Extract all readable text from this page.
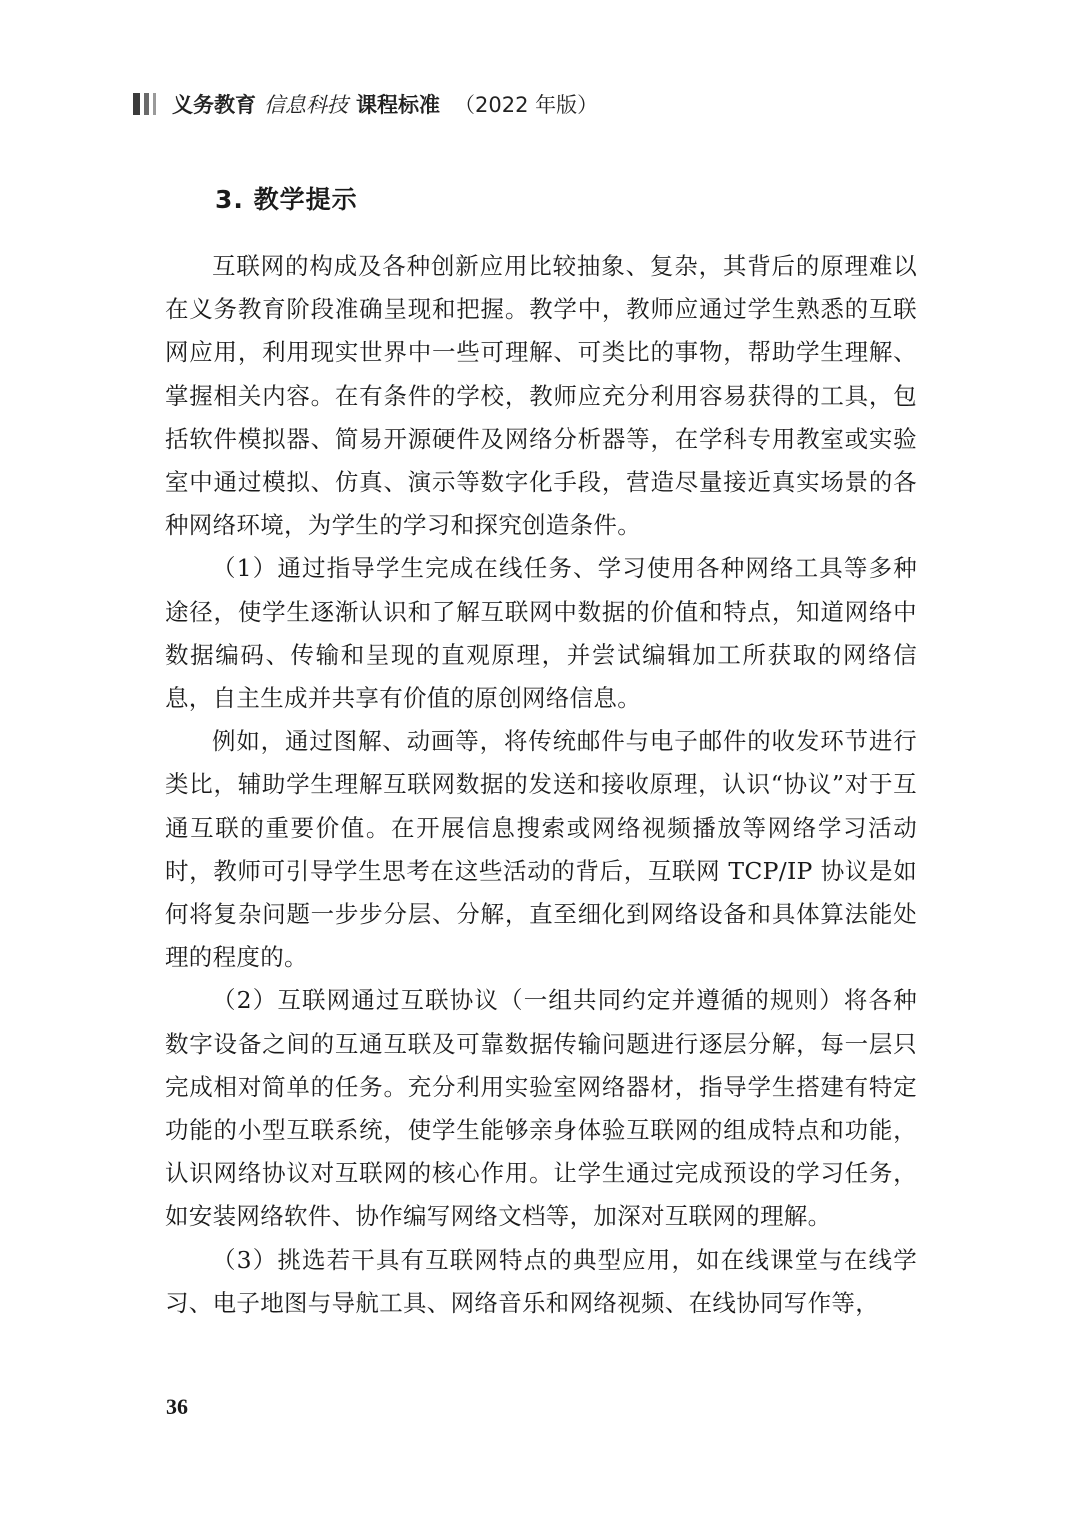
义务教育 信息科技 课程标准 （2022 年版）
3. 教学提示

互联网的构成及各种创新应用比较抽象、复杂，其背后的原理难以在义务教育阶段准确呈现和把握。教学中，教师应通过学生熟悉的互联网应用，利用现实世界中一些可理解、可类比的事物，帮助学生理解、掌握相关内容。在有条件的学校，教师应充分利用容易获得的工具，包括软件模拟器、简易开源硬件及网络分析器等，在学科专用教室或实验室中通过模拟、仿真、演示等数字化手段，营造尽量接近真实场景的各种网络环境，为学生的学习和探究创造条件。

（1）通过指导学生完成在线任务、学习使用各种网络工具等多种途径，使学生逐渐认识和了解互联网中数据的价值和特点，知道网络中数据编码、传输和呈现的直观原理，并尝试编辑加工所获取的网络信息，自主生成并共享有价值的原创网络信息。

例如，通过图解、动画等，将传统邮件与电子邮件的收发环节进行类比，辅助学生理解互联网数据的发送和接收原理，认识“协议”对于互通互联的重要价值。在开展信息搜索或网络视频播放等网络学习活动时，教师可引导学生思考在这些活动的背后，互联网 TCP/IP 协议是如何将复杂问题一步步分层、分解，直至细化到网络设备和具体算法能处理的程度的。

（2）互联网通过互联协议（一组共同约定并遵循的规则）将各种数字设备之间的互通互联及可靠数据传输问题进行逐层分解，每一层只完成相对简单的任务。充分利用实验室网络器材，指导学生搭建有特定功能的小型互联系统，使学生能够亲身体验互联网的组成特点和功能，认识网络协议对互联网的核心作用。让学生通过完成预设的学习任务，如安装网络软件、协作编写网络文档等，加深对互联网的理解。

（3）挑选若干具有互联网特点的典型应用，如在线课堂与在线学习、电子地图与导航工具、网络音乐和网络视频、在线协同写作等，

36
